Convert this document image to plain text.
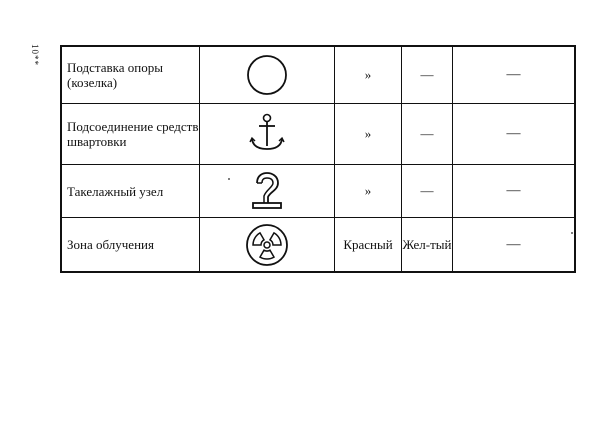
10**
Подставка опоры (козелка)		»	—	—
Подсоединение средств швартовки		»	—	—
Такелажный узел		»	—	—
Зона облучения		Красный	Жел-тый	—
